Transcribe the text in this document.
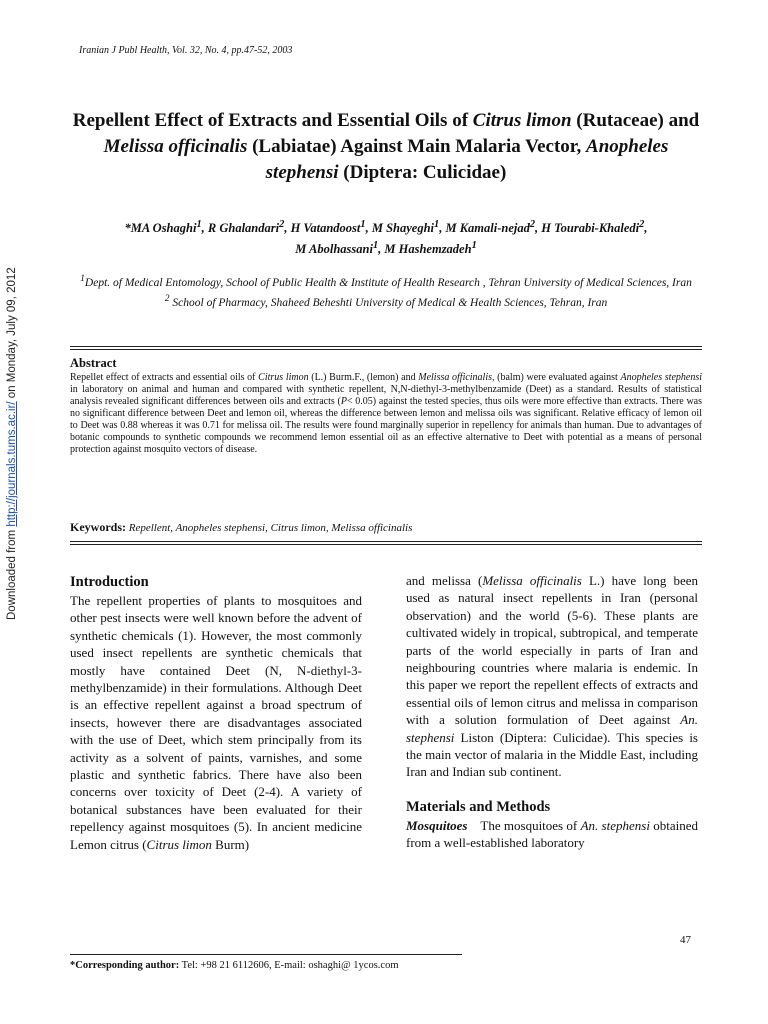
Downloaded from http://journals.tums.ac.ir/ on Monday, July 09, 2012
Iranian J Publ Health, Vol. 32, No. 4, pp.47-52, 2003
Repellent Effect of Extracts and Essential Oils of Citrus limon (Rutaceae) and Melissa officinalis (Labiatae) Against Main Malaria Vector, Anopheles stephensi (Diptera: Culicidae)
*MA Oshaghi$^1$, R Ghalandari$^2$, H Vatandoost$^1$, M Shayeghi$^1$, M Kamali-nejad$^2$, H Tourabi-Khaledi$^2$,
M Abolhassani$^1$, M Hashemzadeh$^1$
$^1$Dept. of Medical Entomology, School of Public Health & Institute of Health Research , Tehran University of Medical Sciences, Iran
$^2$ School of Pharmacy, Shaheed Beheshti University of Medical & Health Sciences, Tehran, Iran
Abstract

Repellet effect of extracts and essential oils of Citrus limon (L.) Burm.F., (lemon) and Melissa officinalis, (balm) were evaluated against Anopheles stephensi in laboratory on animal and human and compared with synthetic repellent, N,N-diethyl-3-methylbenzamide (Deet) as a standard. Results of statistical analysis revealed significant differences between oils and extracts (P< 0.05) against the tested species, thus oils were more effective than extracts. There was no significant difference between Deet and lemon oil, whereas the difference between lemon and melissa oils was significant. Relative efficacy of lemon oil to Deet was 0.88 whereas it was 0.71 for melissa oil. The results were found marginally superior in repellency for animals than human. Due to advantages of botanic compounds to synthetic compounds we recommend lemon essential oil as an effective alternative to Deet with potential as a means of personal protection against mosquito vectors of disease.

Keywords: Repellent, Anopheles stephensi, Citrus limon, Melissa officinalis
Introduction

The repellent properties of plants to mosquitoes and other pest insects were well known before the advent of synthetic chemicals (1). However, the most commonly used insect repellents are synthetic chemicals that mostly have contained Deet (N, N-diethyl-3-methylbenzamide) in their formulations. Although Deet is an effective repellent against a broad spectrum of insects, however there are disadvantages associated with the use of Deet, which stem principally from its activity as a solvent of paints, varnishes, and some plastic and synthetic fabrics. There have also been concerns over toxicity of Deet (2-4). A variety of botanical substances have been evaluated for their repellency against mosquitoes (5). In ancient medicine Lemon citrus (Citrus limon Burm)

and melissa (Melissa officinalis L.) have long been used as natural insect repellents in Iran (personal observation) and the world (5-6). These plants are cultivated widely in tropical, subtropical, and temperate parts of the world especially in parts of Iran and neighbouring countries where malaria is endemic. In this paper we report the repellent effects of extracts and essential oils of lemon citrus and melissa in comparison with a solution formulation of Deet against An. stephensi Liston (Diptera: Culicidae). This species is the main vector of malaria in the Middle East, including Iran and Indian sub continent.

Materials and Methods

Mosquitoes    The mosquitoes of An. stephensi obtained from a well-established laboratory

47
*Corresponding author: Tel: +98 21 6112606, E-mail: oshaghi@ 1ycos.com
